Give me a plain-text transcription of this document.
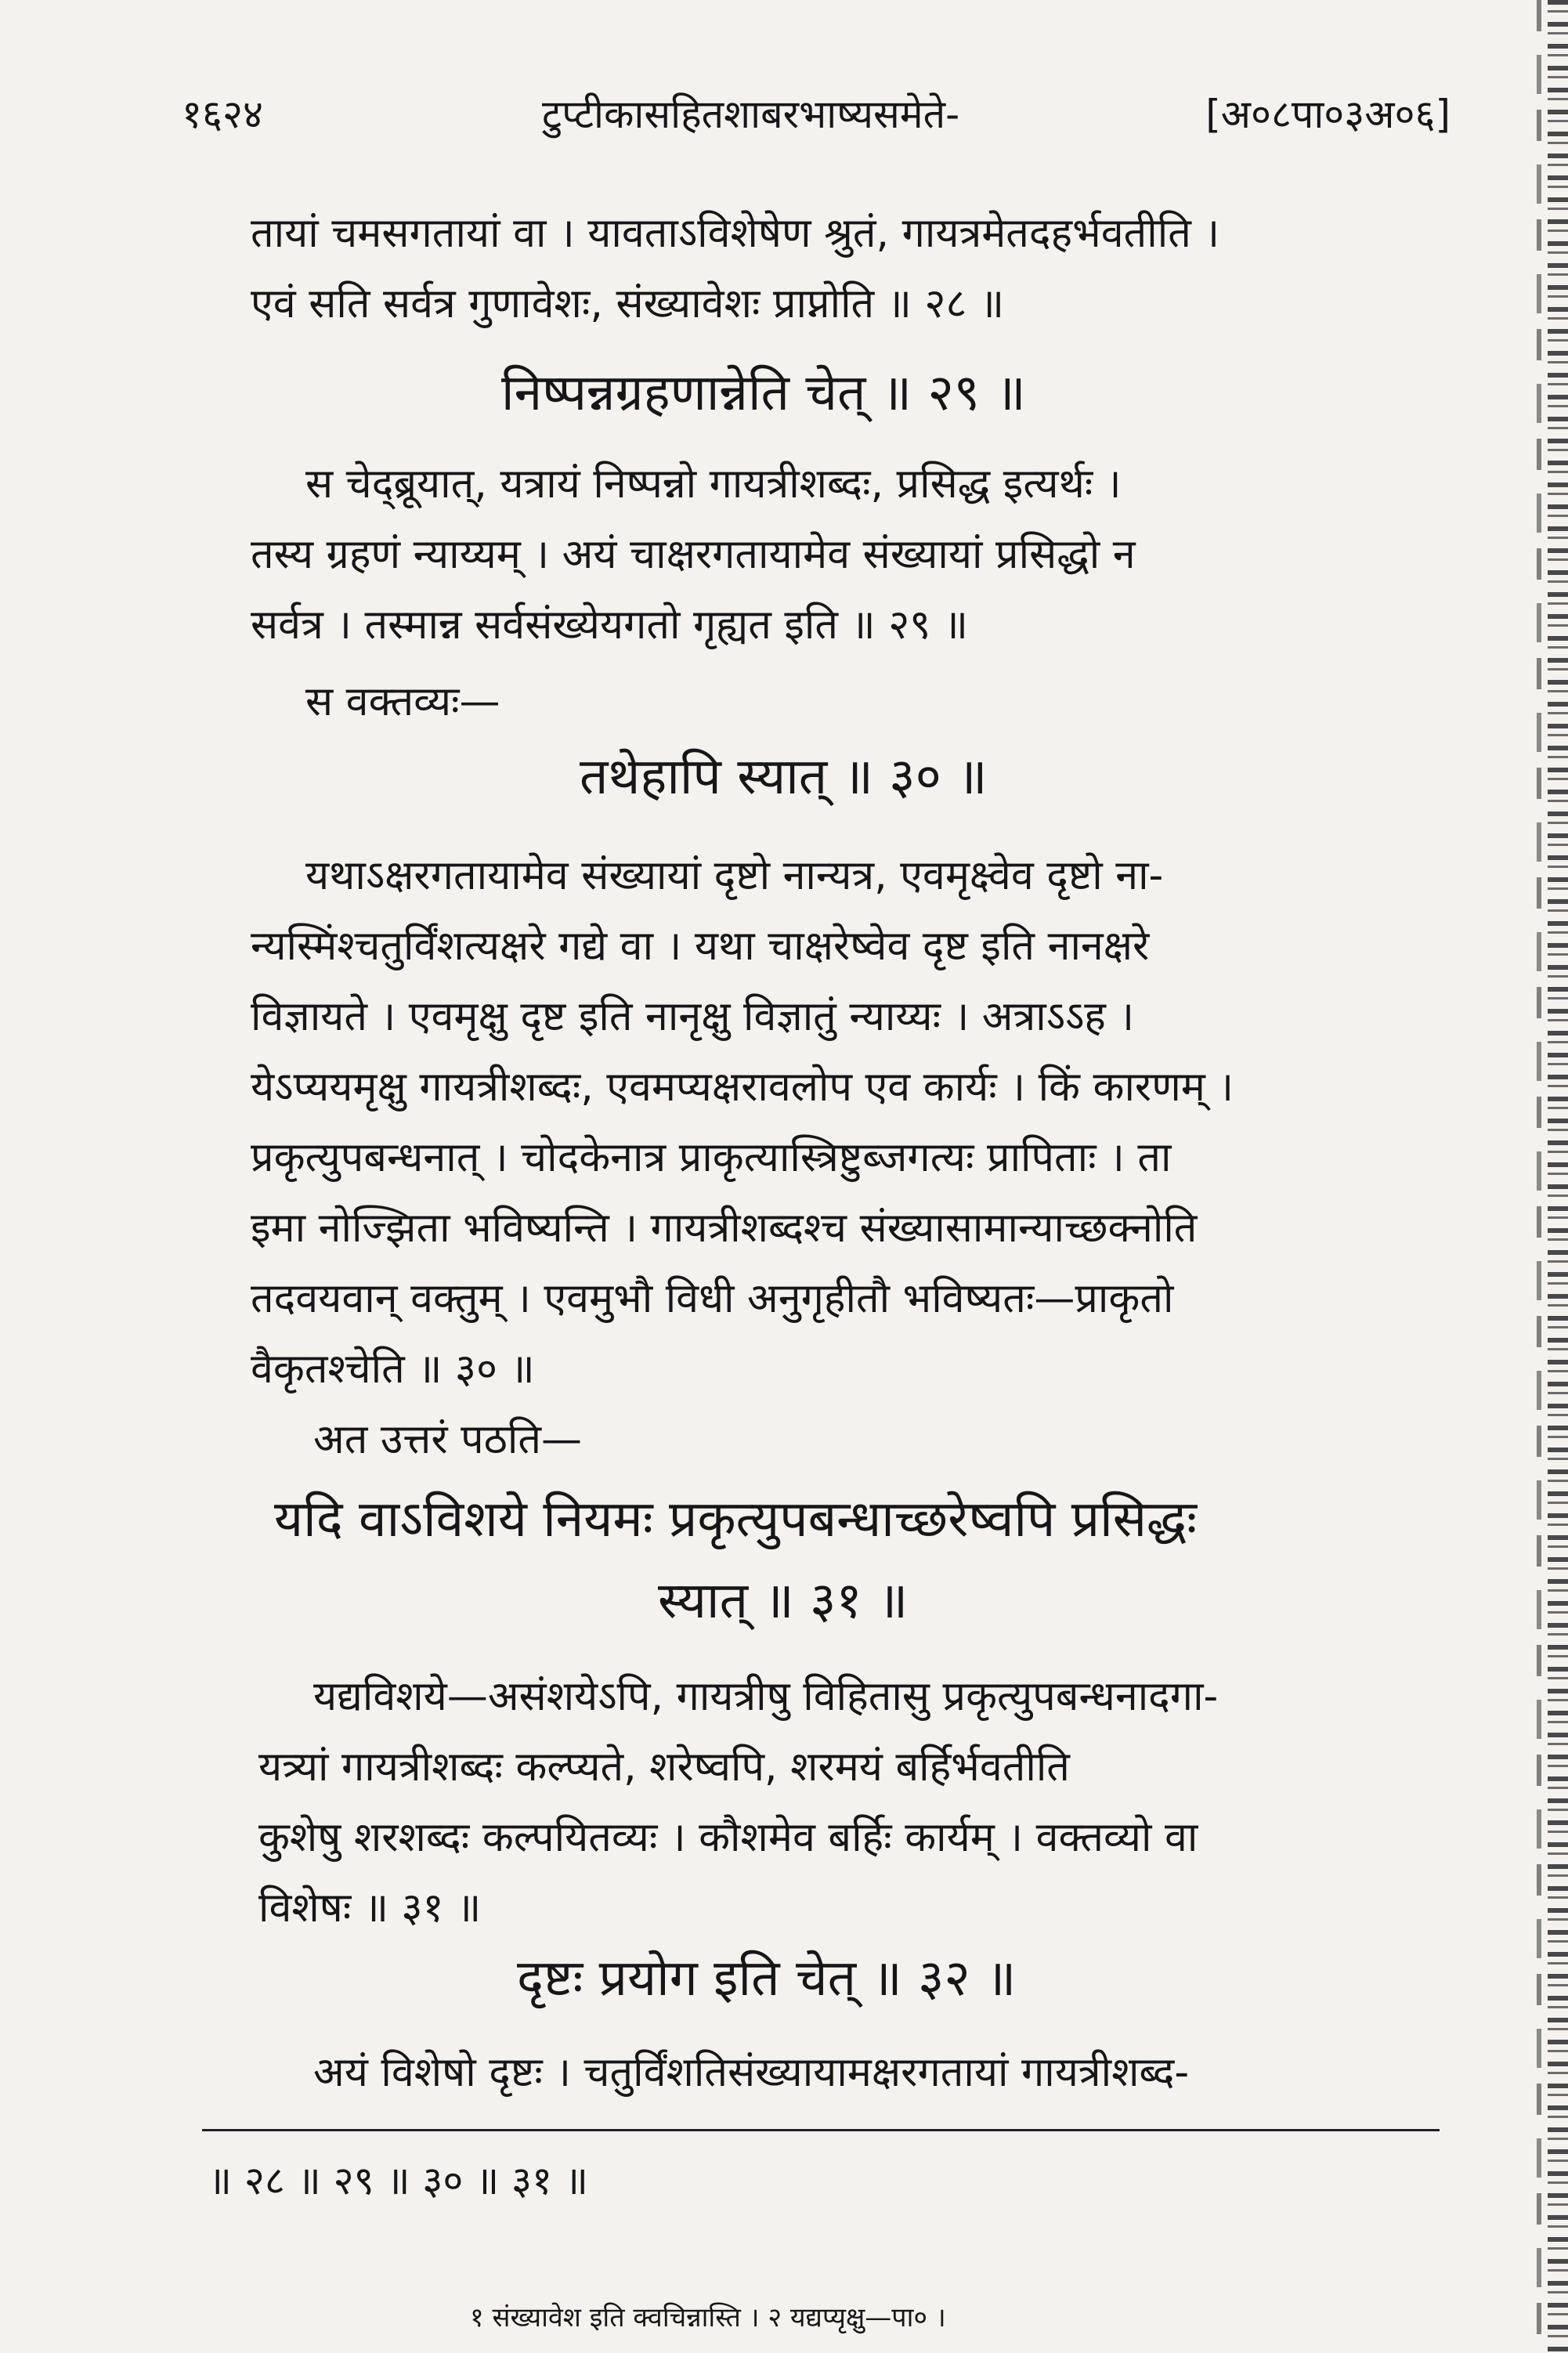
१६२४	टुप्टीकासहितशाबरभाष्यसमेते-	[अ०८पा०३अ०६]
तायां चमसगतायां वा । यावताऽविशेषेण श्रुतं, गायत्रमेतदहर्भवतीति ।
एवं सति सर्वत्र गुणावेशः, संख्यावेशः प्राप्नोति ॥ २८ ॥
निष्पन्नग्रहणान्नेति चेत् ॥ २९ ॥
स चेद्ब्रूयात्, यत्रायं निष्पन्नो गायत्रीशब्दः, प्रसिद्ध इत्यर्थः ।
तस्य ग्रहणं न्याय्यम् । अयं चाक्षरगतायामेव संख्यायां प्रसिद्धो न
सर्वत्र । तस्मान्न सर्वसंख्येयगतो गृह्यत इति ॥ २९ ॥
स वक्तव्यः—
तथेहापि स्यात् ॥ ३० ॥
यथाऽक्षरगतायामेव संख्यायां दृष्टो नान्यत्र, एवमृक्ष्वेव दृष्टो ना-
न्यस्मिंश्चतुर्विंशत्यक्षरे गद्ये वा । यथा चाक्षरेष्वेव दृष्ट इति नानक्षरे
विज्ञायते । एवमृक्षु दृष्ट इति नानृक्षु विज्ञातुं न्याय्यः । अत्राऽऽह ।
येऽप्ययमृक्षु गायत्रीशब्दः, एवमप्यक्षरावलोप एव कार्यः । किं कारणम् ।
प्रकृत्युपबन्धनात् । चोदकेनात्र प्राकृत्यास्त्रिष्टुब्जगत्यः प्रापिताः । ता
इमा नोज्झिता भविष्यन्ति । गायत्रीशब्दश्च संख्यासामान्याच्छक्नोति
तदवयवान् वक्तुम् । एवमुभौ विधी अनुगृहीतौ भविष्यतः—प्राकृतो
वैकृतश्चेति ॥ ३० ॥
अत उत्तरं पठति—
यदि वाऽविशये नियमः प्रकृत्युपबन्धाच्छरेष्वपि प्रसिद्धः
स्यात् ॥ ३१ ॥
यद्यविशये—असंशयेऽपि, गायत्रीषु विहितासु प्रकृत्युपबन्धनादगा-
यत्र्यां गायत्रीशब्दः कल्प्यते, शरेष्वपि, शरमयं बर्हिर्भवतीति
कुशेषु शरशब्दः कल्पयितव्यः । कौशमेव बर्हिः कार्यम् । वक्तव्यो वा
विशेषः ॥ ३१ ॥
दृष्टः प्रयोग इति चेत् ॥ ३२ ॥
अयं विशेषो दृष्टः । चतुर्विंशतिसंख्यायामक्षरगतायां गायत्रीशब्द-
॥ २८ ॥ २९ ॥ ३० ॥ ३१ ॥
१ संख्यावेश इति क्वचिन्नास्ति । २ यद्यप्यृक्षु—पा० ।
